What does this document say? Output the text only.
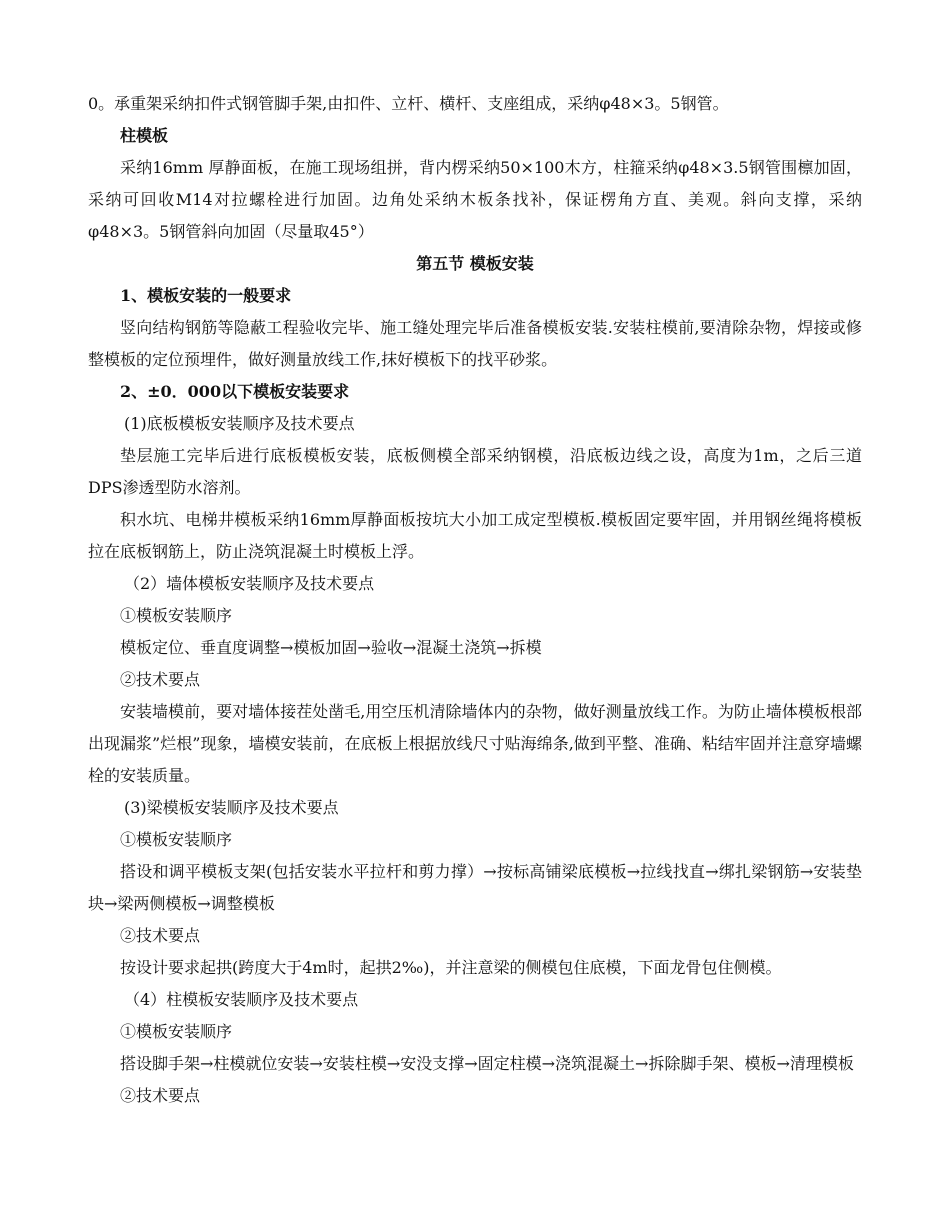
0。承重架采纳扣件式钢管脚手架,由扣件、立杆、横杆、支座组成，采纳φ48×3。5钢管。

柱模板

采纳16mm 厚静面板，在施工现场组拼，背内楞采纳50×100木方，柱箍采纳φ48×3.5钢管围檩加固，采纳可回收M14对拉螺栓进行加固。边角处采纳木板条找补，保证楞角方直、美观。斜向支撑，采纳φ48×3。5钢管斜向加固（尽量取45°）

第五节 模板安装

1、模板安装的一般要求

竖向结构钢筋等隐蔽工程验收完毕、施工缝处理完毕后准备模板安装.安装柱模前,要清除杂物，焊接或修整模板的定位预埋件，做好测量放线工作,抹好模板下的找平砂浆。

2、±0．000以下模板安装要求

(1)底板模板安装顺序及技术要点

垫层施工完毕后进行底板模板安装，底板侧模全部采纳钢模，沿底板边线之设，高度为1m，之后三道DPS渗透型防水溶剂。

积水坑、电梯井模板采纳16mm厚静面板按坑大小加工成定型模板.模板固定要牢固，并用钢丝绳将模板拉在底板钢筋上，防止浇筑混凝土时模板上浮。

（2）墙体模板安装顺序及技术要点

①模板安装顺序

模板定位、垂直度调整→模板加固→验收→混凝土浇筑→拆模

②技术要点

安装墙模前，要对墙体接茬处凿毛,用空压机清除墙体内的杂物，做好测量放线工作。为防止墙体模板根部出现漏浆”烂根”现象，墙模安装前，在底板上根据放线尺寸贴海绵条,做到平整、准确、粘结牢固并注意穿墙螺栓的安装质量。

(3)梁模板安装顺序及技术要点

①模板安装顺序

搭设和调平模板支架(包括安装水平拉杆和剪力撑）→按标高铺梁底模板→拉线找直→绑扎梁钢筋→安装垫块→梁两侧模板→调整模板

②技术要点

按设计要求起拱(跨度大于4m时，起拱2‰)，并注意梁的侧模包住底模，下面龙骨包住侧模。

（4）柱模板安装顺序及技术要点

①模板安装顺序

搭设脚手架→柱模就位安装→安装柱模→安没支撑→固定柱模→浇筑混凝土→拆除脚手架、模板→清理模板

②技术要点
